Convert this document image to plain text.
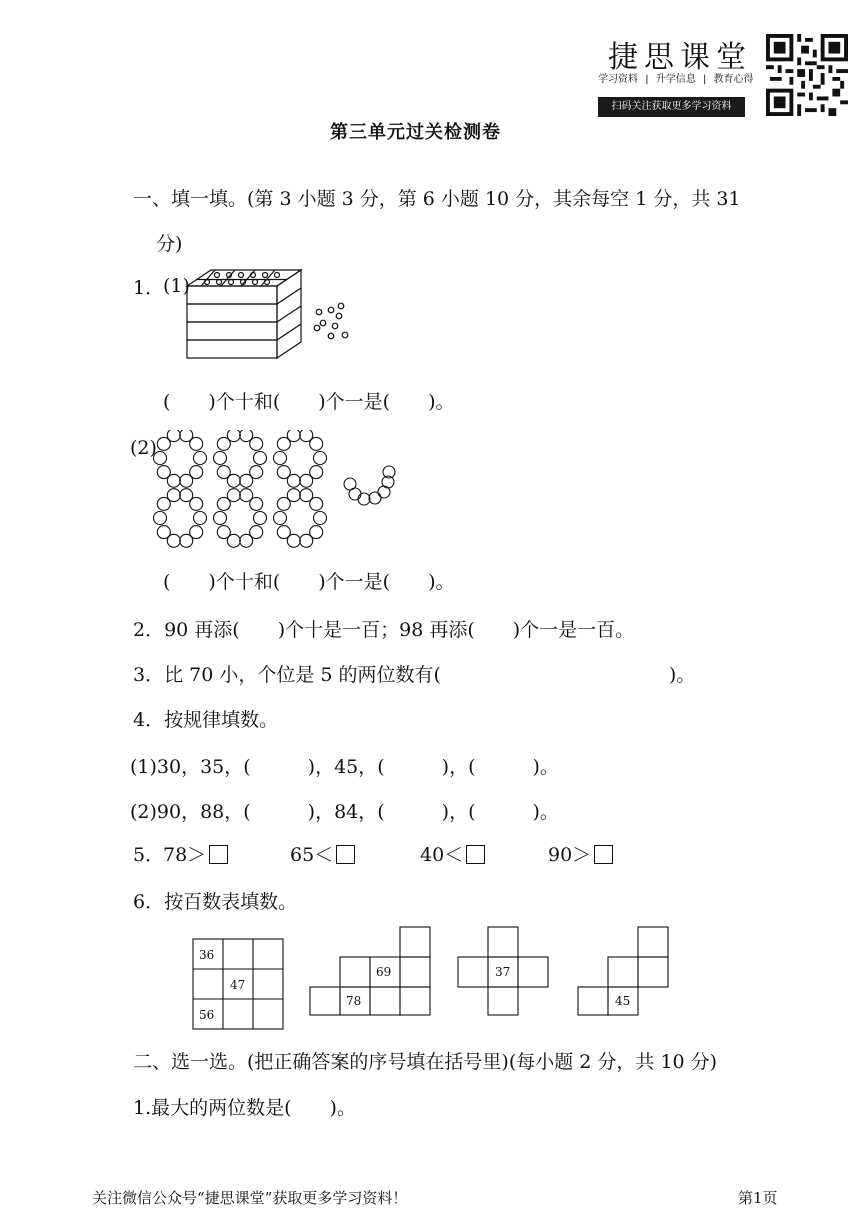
捷思课堂
学习资料 | 升学信息 | 教育心得
扫码关注获取更多学习资料
第三单元过关检测卷
一、填一填。(第 3 小题 3 分，第 6 小题 10 分，其余每空 1 分，共 31
分)
1．
(1)
(　　)个十和(　　)个一是(　　)。
(2)
(　　)个十和(　　)个一是(　　)。
2．90 再添(　　)个十是一百；98 再添(　　)个一是一百。
3．比 70 小，个位是 5 的两位数有(　　　　　　　　　　　　)。
4．按规律填数。
(1)30，35，(　　　)，45，(　　　)，(　　　)。
(2)90，88，(　　　)，84，(　　　)，(　　　)。
5．
78＞	65＜	40＜	90＞
6．按百数表填数。
36
47
56
69
78
37
45
二、选一选。(把正确答案的序号填在括号里)(每小题 2 分，共 10 分)
1.最大的两位数是(　　)。
关注微信公众号“捷思课堂”获取更多学习资料！	第1页
